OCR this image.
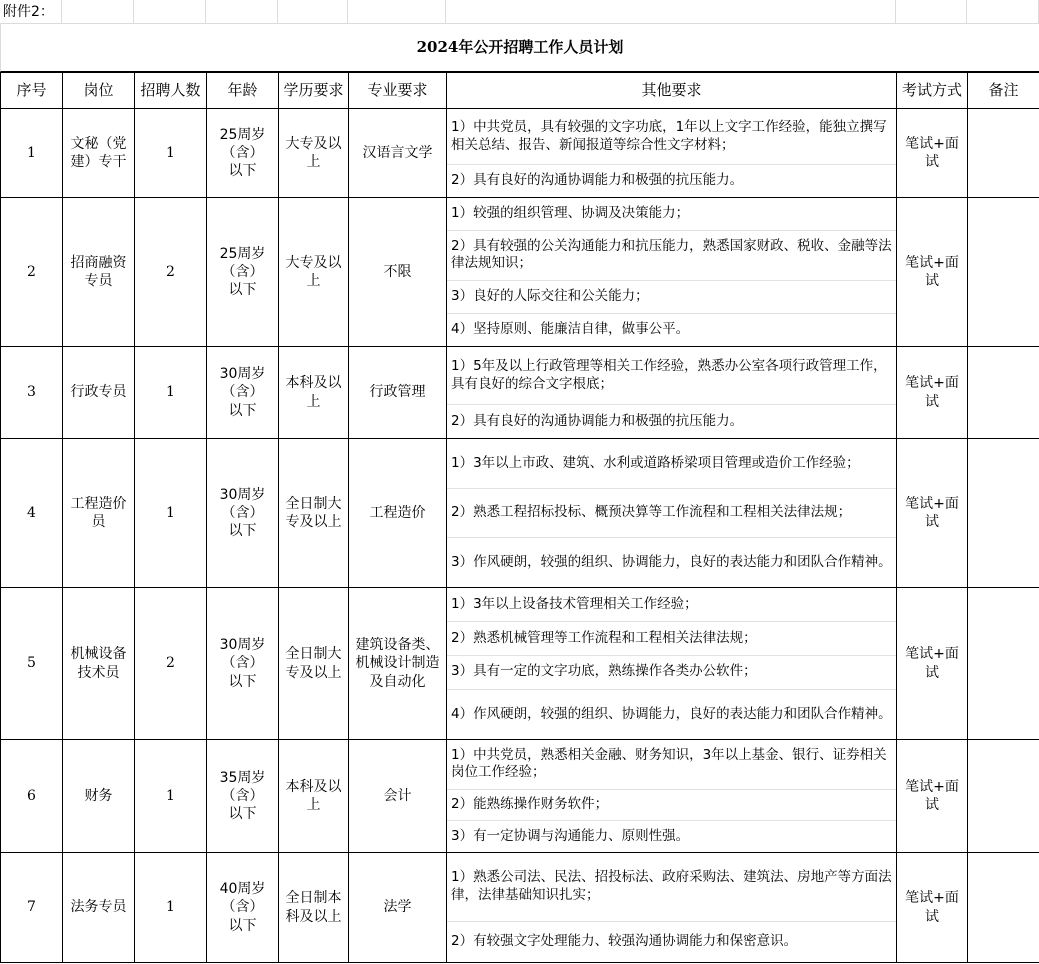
附件2：
2024年公开招聘工作人员计划
序号	岗位	招聘人数	年龄	学历要求	专业要求	其他要求	考试方式	备注
1	文秘（党建）专干	1	25周岁（含）以下	大专及以上	汉语言文学	1）中共党员，具有较强的文字功底，1年以上文字工作经验，能独立撰写相关总结、报告、新闻报道等综合性文字材料；
2）具有良好的沟通协调能力和极强的抗压能力。	笔试+面试	
2	招商融资专员	2	25周岁（含）以下	大专及以上	不限	1）较强的组织管理、协调及决策能力；
2）具有较强的公关沟通能力和抗压能力，熟悉国家财政、税收、金融等法律法规知识；
3）良好的人际交往和公关能力；
4）坚持原则、能廉洁自律，做事公平。	笔试+面试	
3	行政专员	1	30周岁（含）以下	本科及以上	行政管理	1）5年及以上行政管理等相关工作经验，熟悉办公室各项行政管理工作，具有良好的综合文字根底；
2）具有良好的沟通协调能力和极强的抗压能力。	笔试+面试	
4	工程造价员	1	30周岁（含）以下	全日制大专及以上	工程造价	1）3年以上市政、建筑、水利或道路桥梁项目管理或造价工作经验；
2）熟悉工程招标投标、概预决算等工作流程和工程相关法律法规；
3）作风硬朗，较强的组织、协调能力，良好的表达能力和团队合作精神。	笔试+面试	
5	机械设备技术员	2	30周岁（含）以下	全日制大专及以上	建筑设备类、机械设计制造及自动化	1）3年以上设备技术管理相关工作经验；
2）熟悉机械管理等工作流程和工程相关法律法规；
3）具有一定的文字功底，熟练操作各类办公软件；
4）作风硬朗，较强的组织、协调能力，良好的表达能力和团队合作精神。	笔试+面试	
6	财务	1	35周岁（含）以下	本科及以上	会计	1）中共党员，熟悉相关金融、财务知识，3年以上基金、银行、证券相关岗位工作经验；
2）能熟练操作财务软件；
3）有一定协调与沟通能力、原则性强。	笔试+面试	
7	法务专员	1	40周岁（含）以下	全日制本科及以上	法学	1）熟悉公司法、民法、招投标法、政府采购法、建筑法、房地产等方面法律，法律基础知识扎实；
2）有较强文字处理能力、较强沟通协调能力和保密意识。	笔试+面试	
